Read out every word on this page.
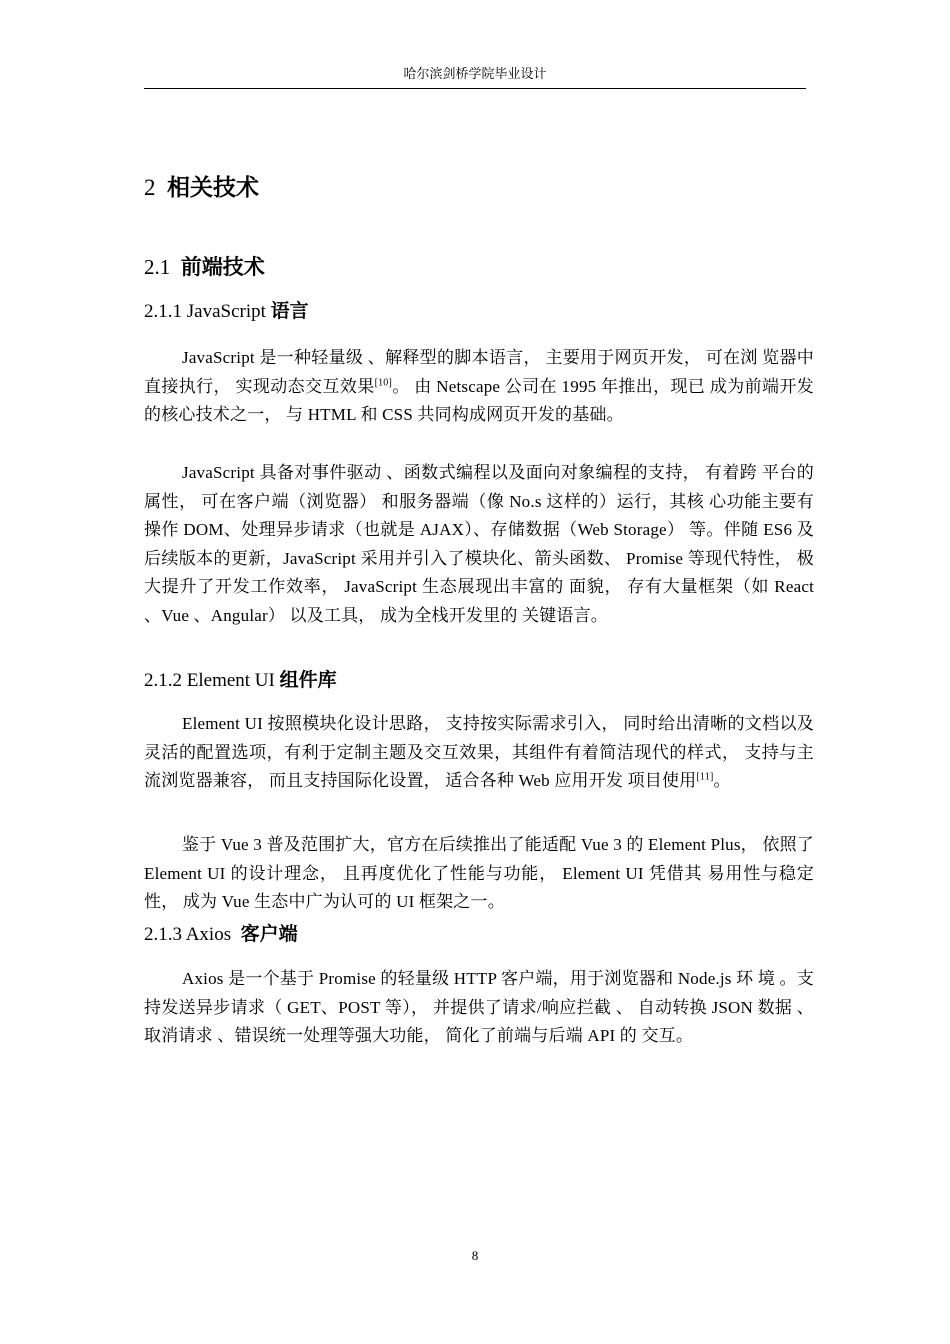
哈尔滨剑桥学院毕业设计
2 相关技术
2.1 前端技术
2.1.1 JavaScript 语言
JavaScript 是一种轻量级 、解释型的脚本语言， 主要用于网页开发， 可在浏 览器中直接执行， 实现动态交互效果[10]。 由 Netscape 公司在 1995 年推出，现已 成为前端开发的核心技术之一， 与 HTML 和 CSS 共同构成网页开发的基础。
JavaScript 具备对事件驱动 、函数式编程以及面向对象编程的支持， 有着跨 平台的属性， 可在客户端（浏览器） 和服务器端（像 No.s 这样的）运行，其核 心功能主要有操作 DOM、处理异步请求（也就是 AJAX）、存储数据（Web Storage） 等。伴随 ES6 及后续版本的更新，JavaScript 采用并引入了模块化、箭头函数、 Promise 等现代特性， 极大提升了开发工作效率， JavaScript 生态展现出丰富的 面貌， 存有大量框架（如 React 、Vue 、Angular） 以及工具， 成为全栈开发里的 关键语言。
2.1.2 Element UI 组件库
Element UI 按照模块化设计思路， 支持按实际需求引入， 同时给出清晰的文档以及灵活的配置选项，有利于定制主题及交互效果，其组件有着简洁现代的样式， 支持与主流浏览器兼容， 而且支持国际化设置， 适合各种 Web 应用开发 项目使用[11]。
鉴于 Vue 3 普及范围扩大，官方在后续推出了能适配 Vue 3 的 Element Plus， 依照了 Element UI 的设计理念， 且再度优化了性能与功能， Element UI 凭借其 易用性与稳定性， 成为 Vue 生态中广为认可的 UI 框架之一。
2.1.3 Axios 客户端
Axios 是一个基于 Promise 的轻量级 HTTP 客户端，用于浏览器和 Node.js 环 境 。支持发送异步请求（ GET、POST 等）， 并提供了请求/响应拦截 、 自动转换 JSON 数据 、取消请求 、错误统一处理等强大功能， 简化了前端与后端 API 的 交互。
8
